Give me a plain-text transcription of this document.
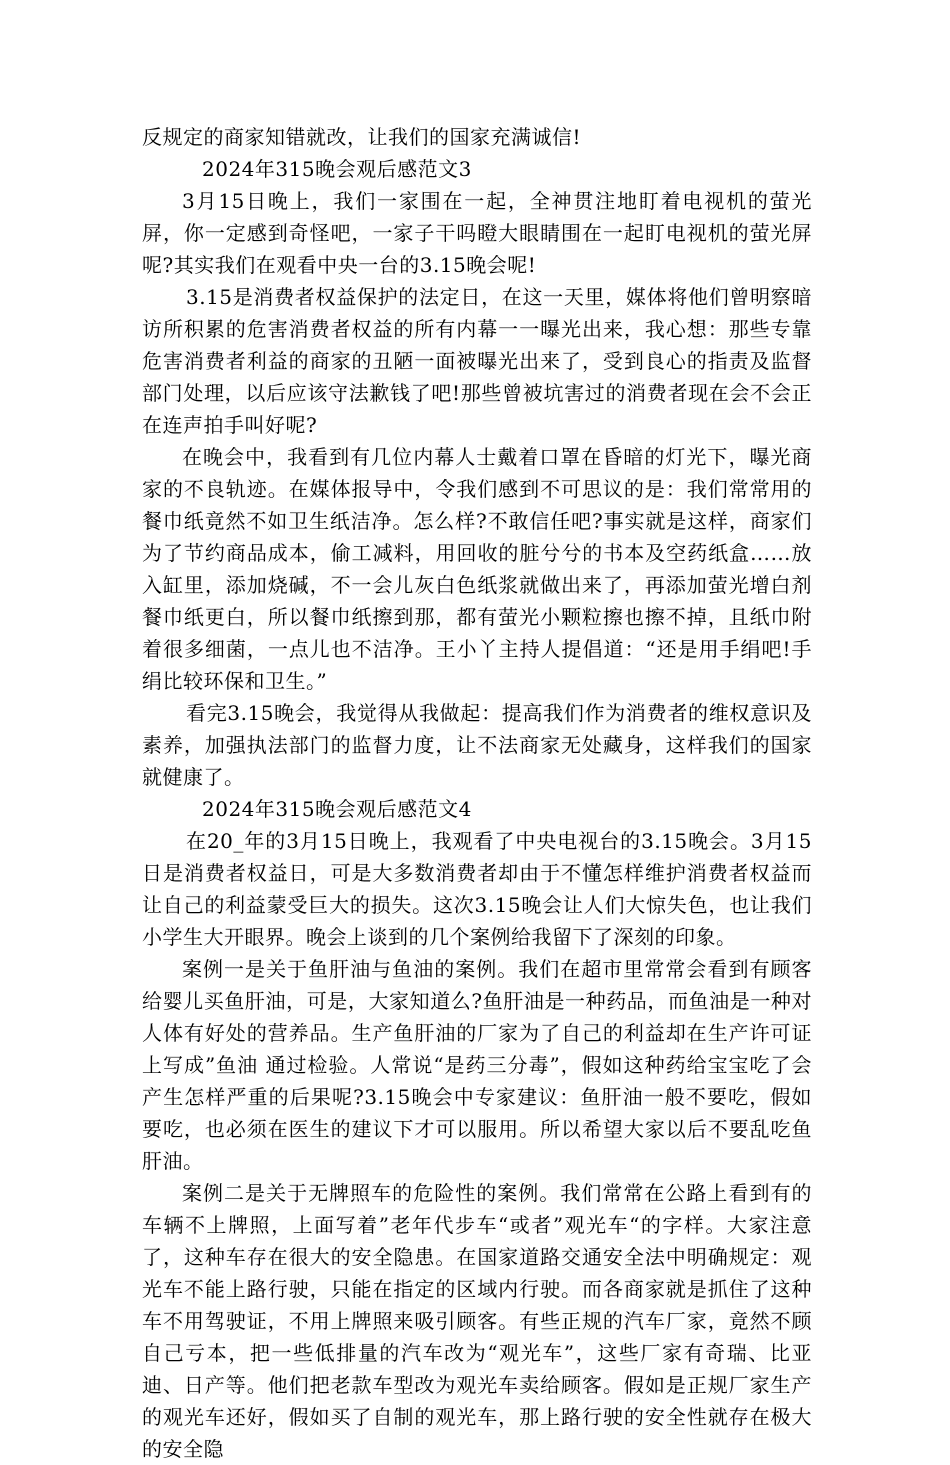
反规定的商家知错就改，让我们的国家充满诚信!

2024年315晚会观后感范文3

3月15日晚上，我们一家围在一起，全神贯注地盯着电视机的萤光屏，你一定感到奇怪吧，一家子干吗瞪大眼睛围在一起盯电视机的萤光屏呢?其实我们在观看中央一台的3.15晚会呢!

3.15是消费者权益保护的法定日，在这一天里，媒体将他们曾明察暗访所积累的危害消费者权益的所有内幕一一曝光出来，我心想：那些专靠危害消费者利益的商家的丑陋一面被曝光出来了，受到良心的指责及监督部门处理，以后应该守法歉钱了吧!那些曾被坑害过的消费者现在会不会正在连声拍手叫好呢?

在晚会中，我看到有几位内幕人士戴着口罩在昏暗的灯光下，曝光商家的不良轨迹。在媒体报导中，令我们感到不可思议的是：我们常常用的餐巾纸竟然不如卫生纸洁净。怎么样?不敢信任吧?事实就是这样，商家们为了节约商品成本，偷工减料，用回收的脏兮兮的书本及空药纸盒……放入缸里，添加烧碱，不一会儿灰白色纸浆就做出来了，再添加萤光增白剂餐巾纸更白，所以餐巾纸擦到那，都有萤光小颗粒擦也擦不掉，且纸巾附着很多细菌，一点儿也不洁净。王小丫主持人提倡道：“还是用手绢吧!手绢比较环保和卫生。”

看完3.15晚会，我觉得从我做起：提高我们作为消费者的维权意识及素养，加强执法部门的监督力度，让不法商家无处藏身，这样我们的国家就健康了。

2024年315晚会观后感范文4

在20_年的3月15日晚上，我观看了中央电视台的3.15晚会。3月15日是消费者权益日，可是大多数消费者却由于不懂怎样维护消费者权益而让自己的利益蒙受巨大的损失。这次3.15晚会让人们大惊失色，也让我们小学生大开眼界。晚会上谈到的几个案例给我留下了深刻的印象。

案例一是关于鱼肝油与鱼油的案例。我们在超市里常常会看到有顾客给婴儿买鱼肝油，可是，大家知道么?鱼肝油是一种药品，而鱼油是一种对人体有好处的营养品。生产鱼肝油的厂家为了自己的利益却在生产许可证上写成”鱼油 通过检验。人常说“是药三分毒”，假如这种药给宝宝吃了会产生怎样严重的后果呢?3.15晚会中专家建议：鱼肝油一般不要吃，假如要吃，也必须在医生的建议下才可以服用。所以希望大家以后不要乱吃鱼肝油。

案例二是关于无牌照车的危险性的案例。我们常常在公路上看到有的车辆不上牌照，上面写着”老年代步车“或者”观光车“的字样。大家注意了，这种车存在很大的安全隐患。在国家道路交通安全法中明确规定：观光车不能上路行驶，只能在指定的区域内行驶。而各商家就是抓住了这种车不用驾驶证，不用上牌照来吸引顾客。有些正规的汽车厂家，竟然不顾自己亏本，把一些低排量的汽车改为“观光车”，这些厂家有奇瑞、比亚迪、日产等。他们把老款车型改为观光车卖给顾客。假如是正规厂家生产的观光车还好，假如买了自制的观光车，那上路行驶的安全性就存在极大的安全隐
